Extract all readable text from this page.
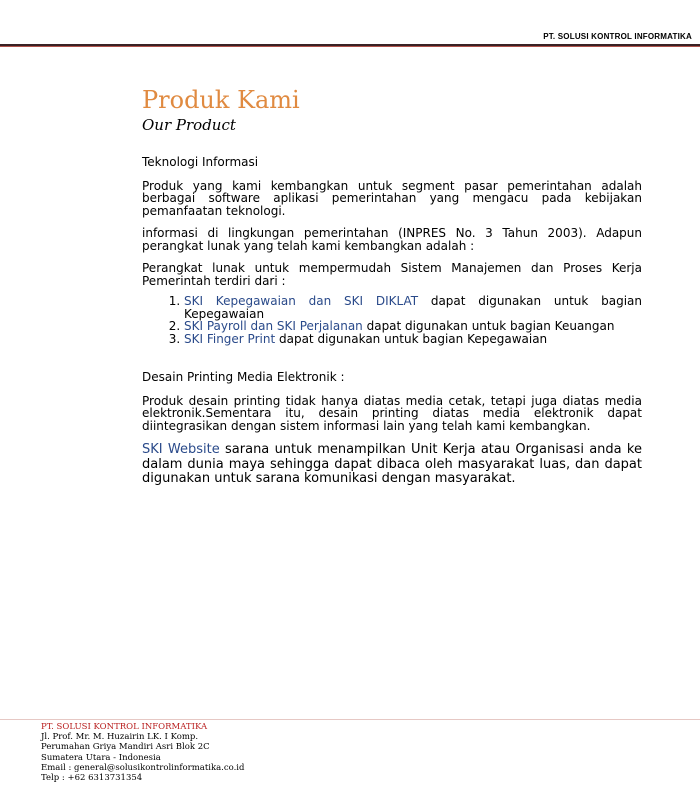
PT. SOLUSI KONTROL INFORMATIKA
Produk Kami
Our Product
Teknologi Informasi

Produk yang kami kembangkan untuk segment pasar pemerintahan adalah berbagai software aplikasi pemerintahan yang mengacu pada kebijakan pemanfaatan teknologi.

informasi di lingkungan pemerintahan (INPRES No. 3 Tahun 2003). Adapun perangkat lunak yang telah kami kembangkan adalah :

Perangkat lunak untuk mempermudah Sistem Manajemen dan Proses Kerja Pemerintah terdiri dari :

1. SKI Kepegawaian dan SKI DIKLAT dapat digunakan untuk bagian Kepegawaian
2. SKI Payroll dan SKI Perjalanan dapat digunakan untuk bagian Keuangan
3. SKI Finger Print dapat digunakan untuk bagian Kepegawaian
Desain Printing Media Elektronik :

Produk desain printing tidak hanya diatas media cetak, tetapi juga diatas media elektronik.Sementara itu, desain printing diatas media elektronik dapat diintegrasikan dengan sistem informasi lain yang telah kami kembangkan.

SKI Website sarana untuk menampilkan Unit Kerja atau Organisasi anda ke dalam dunia maya sehingga dapat dibaca oleh masyarakat luas, dan dapat digunakan untuk sarana komunikasi dengan masyarakat.

PT. SOLUSI KONTROL INFORMATIKA
Jl. Prof. Mr. M. Huzairin LK. I Komp.
Perumahan Griya Mandiri Asri Blok 2C
Sumatera Utara - Indonesia
Email : general@solusikontrolinformatika.co.id
Telp : +62 6313731354
